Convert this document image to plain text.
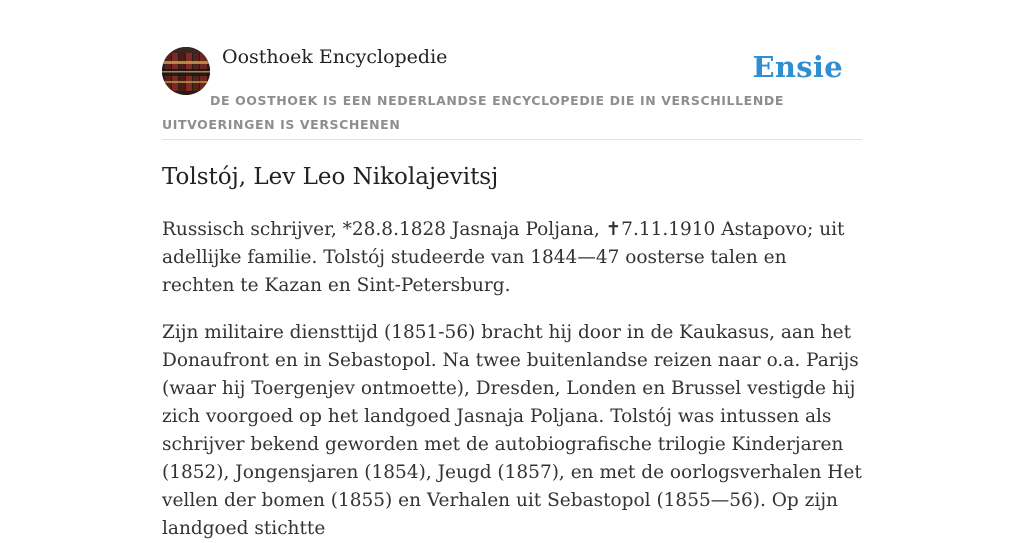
Oosthoek Encyclopedie	Ensie
DE OOSTHOEK IS EEN NEDERLANDSE ENCYCLOPEDIE DIE IN VERSCHILLENDE UITVOERINGEN IS VERSCHENEN
Tolstój, Lev Leo Nikolajevitsj

Russisch schrijver, *28.8.1828 Jasnaja Poljana, ✝7.11.1910 Astapovo; uit adellijke familie. Tolstój studeerde van 1844—47 oosterse talen en rechten te Kazan en Sint-Petersburg.

Zijn militaire diensttijd (1851-56) bracht hij door in de Kaukasus, aan het Donaufront en in Sebastopol. Na twee buitenlandse reizen naar o.a. Parijs (waar hij Toergenjev ontmoette), Dresden, Londen en Brussel vestigde hij zich voorgoed op het landgoed Jasnaja Poljana. Tolstój was intussen als schrijver bekend geworden met de autobiografische trilogie Kinderjaren (1852), Jongensjaren (1854), Jeugd (1857), en met de oorlogsverhalen Het vellen der bomen (1855) en Verhalen uit Sebastopol (1855—56). Op zijn landgoed stichtte
